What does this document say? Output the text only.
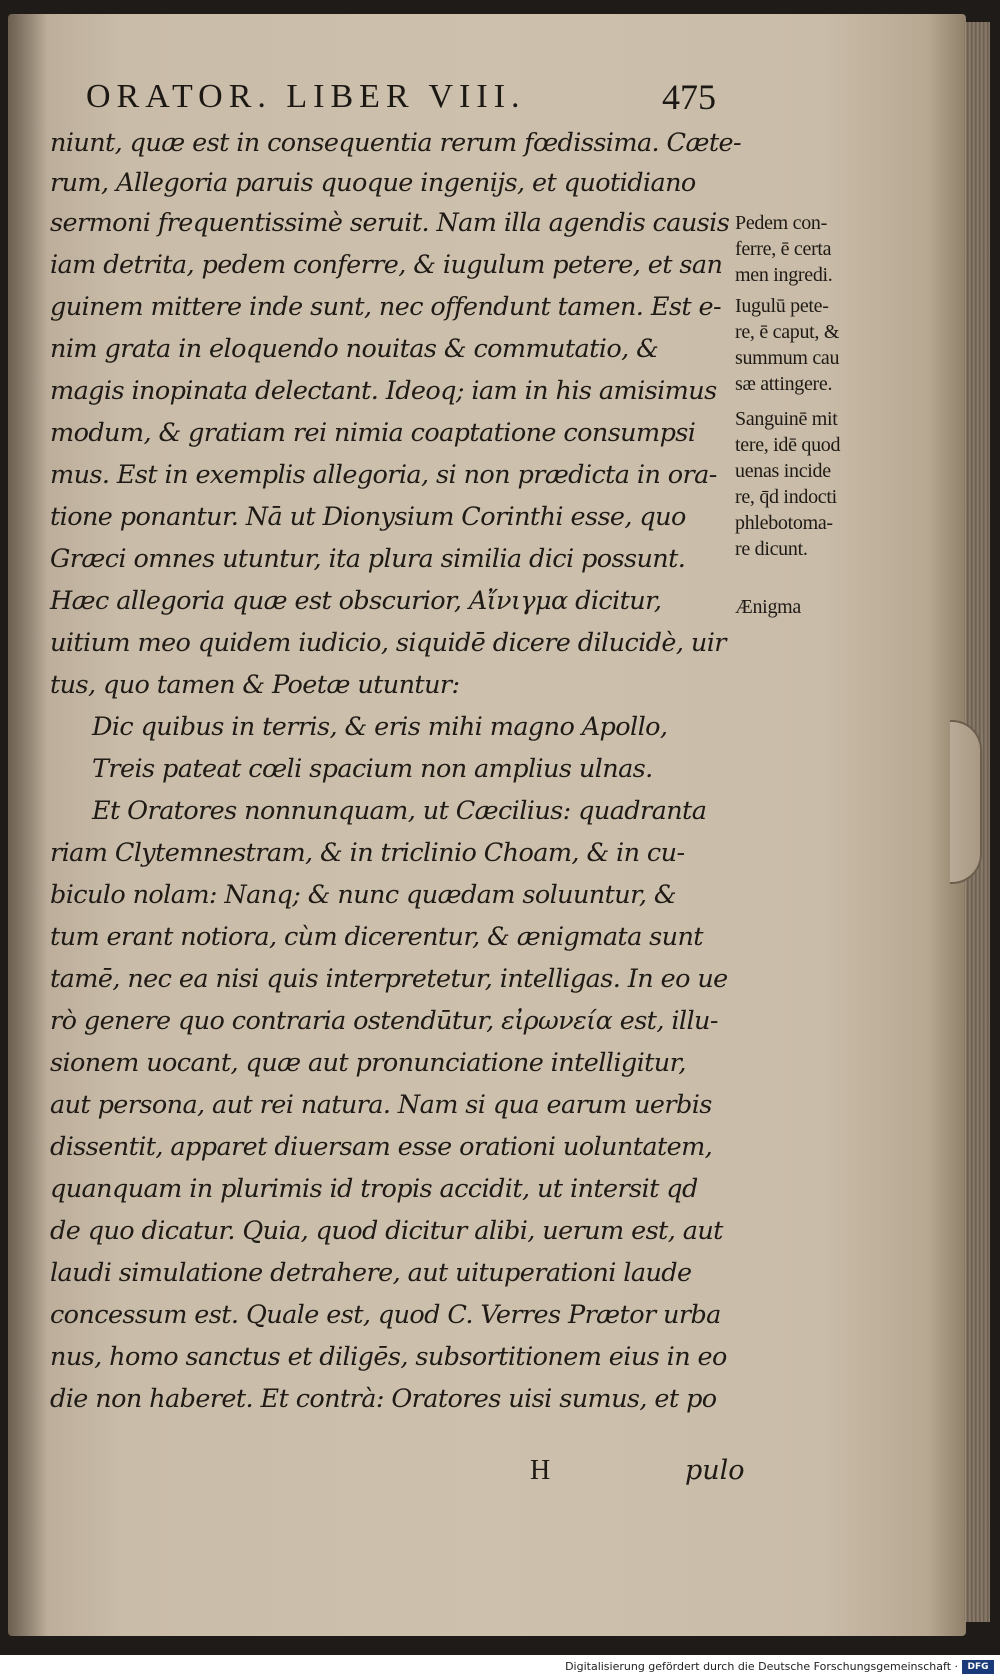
ORATOR. LIBER VIII.	475
niunt, quæ est in consequentia rerum fœdissima. Cæte-
rum, Allegoria paruis quoque ingenijs, et quotidiano
sermoni frequentissimè seruit. Nam illa agendis causis
iam detrita, pedem conferre, & iugulum petere, et san
guinem mittere inde sunt, nec offendunt tamen. Est e-
nim grata in eloquendo nouitas & commutatio, &
magis inopinata delectant. Ideoq; iam in his amisimus
modum, & gratiam rei nimia coaptatione consumpsi
mus. Est in exemplis allegoria, si non prædicta in ora-
tione ponantur. Nā ut Dionysium Corinthi esse, quo
Græci omnes utuntur, ita plura similia dici possunt.
Hæc allegoria quæ est obscurior, Αἴνιγμα dicitur,
uitium meo quidem iudicio, siquidē dicere dilucidè, uir
tus, quo tamen & Poetæ utuntur:
Dic quibus in terris, & eris mihi magno Apollo,
Treis pateat cœli spacium non amplius ulnas.
Et Oratores nonnunquam, ut Cæcilius: quadranta
riam Clytemnestram, & in triclinio Choam, & in cu-
biculo nolam: Nanq; & nunc quædam soluuntur, &
tum erant notiora, cùm dicerentur, & ænigmata sunt
tamē, nec ea nisi quis interpretetur, intelligas. In eo ue
rò genere quo contraria ostendūtur, εἰρωνεία est, illu-
sionem uocant, quæ aut pronunciatione intelligitur,
aut persona, aut rei natura. Nam si qua earum uerbis
dissentit, apparet diuersam esse orationi uoluntatem,
quanquam in plurimis id tropis accidit, ut intersit qd
de quo dicatur. Quia, quod dicitur alibi, uerum est, aut
laudi simulatione detrahere, aut uituperationi laude
concessum est. Quale est, quod C. Verres Prætor urba
nus, homo sanctus et diligēs, subsortitionem eius in eo
die non haberet. Et contrà: Oratores uisi sumus, et po
Pedem con-
ferre, ē certa
men ingredi.
Iugulū pete-
re, ē caput, &
summum cau
sæ attingere.
Sanguinē mit
tere, idē quod
uenas incide
re, q̄d indocti
phlebotoma-
re dicunt.
Ænigma
H	pulo
Digitalisierung gefördert durch die Deutsche Forschungsgemeinschaft ·	DFG
